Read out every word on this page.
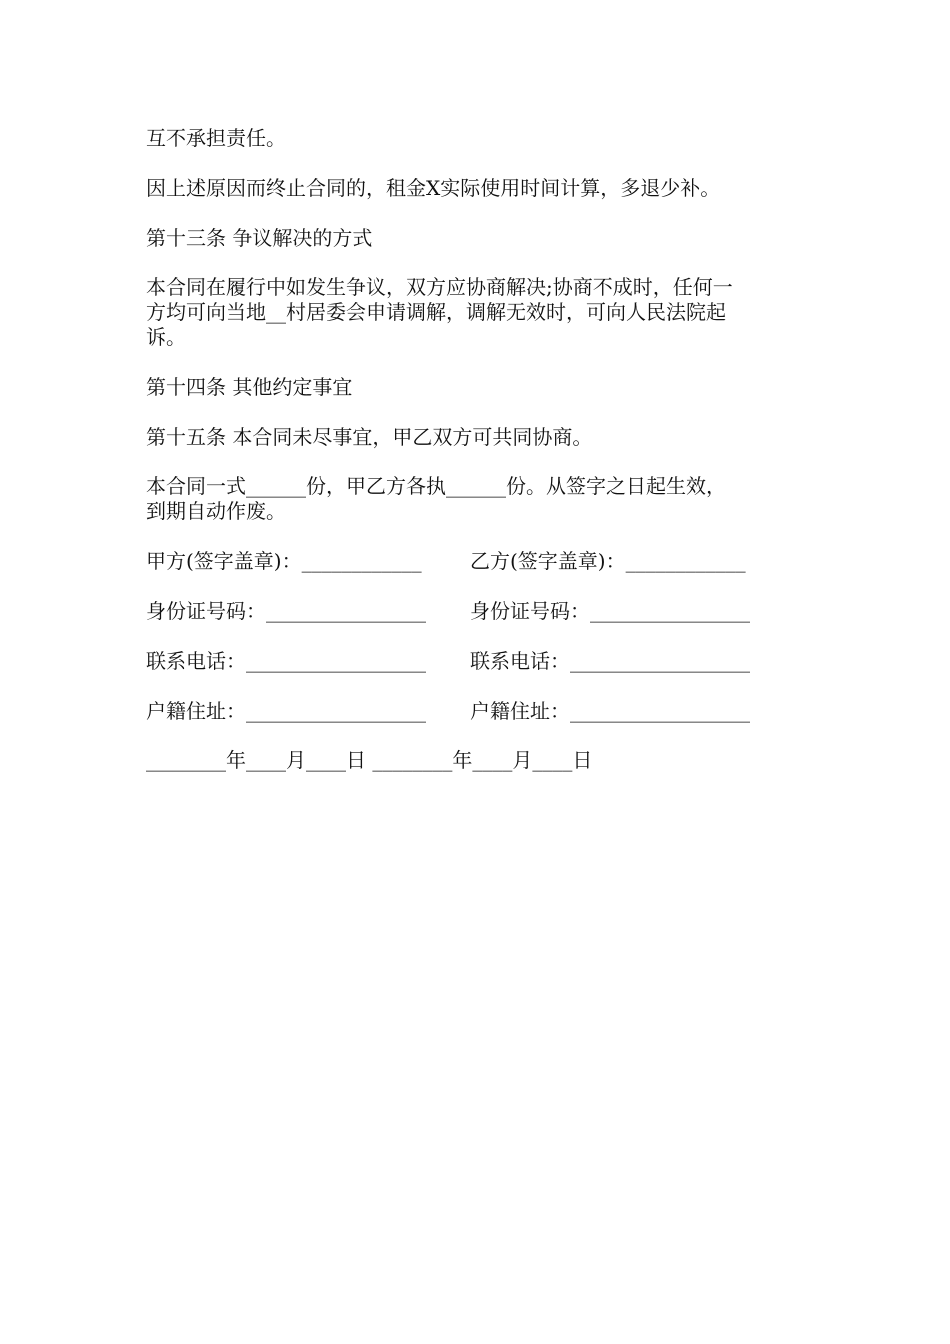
互不承担责任。
因上述原因而终止合同的，租金X实际使用时间计算，多退少补。
第十三条 争议解决的方式
本合同在履行中如发生争议，双方应协商解决;协商不成时，任何一
方均可向当地__村居委会申请调解，调解无效时，可向人民法院起
诉。
第十四条 其他约定事宜
第十五条 本合同未尽事宜，甲乙双方可共同协商。
本合同一式______份，甲乙方各执______份。从签字之日起生效，
到期自动作废。
甲方(签字盖章)：____________ 乙方(签字盖章)：____________
身份证号码：________________ 身份证号码：________________
联系电话：__________________ 联系电话：__________________
户籍住址：__________________ 户籍住址：__________________
________年____月____日 ________年____月____日
